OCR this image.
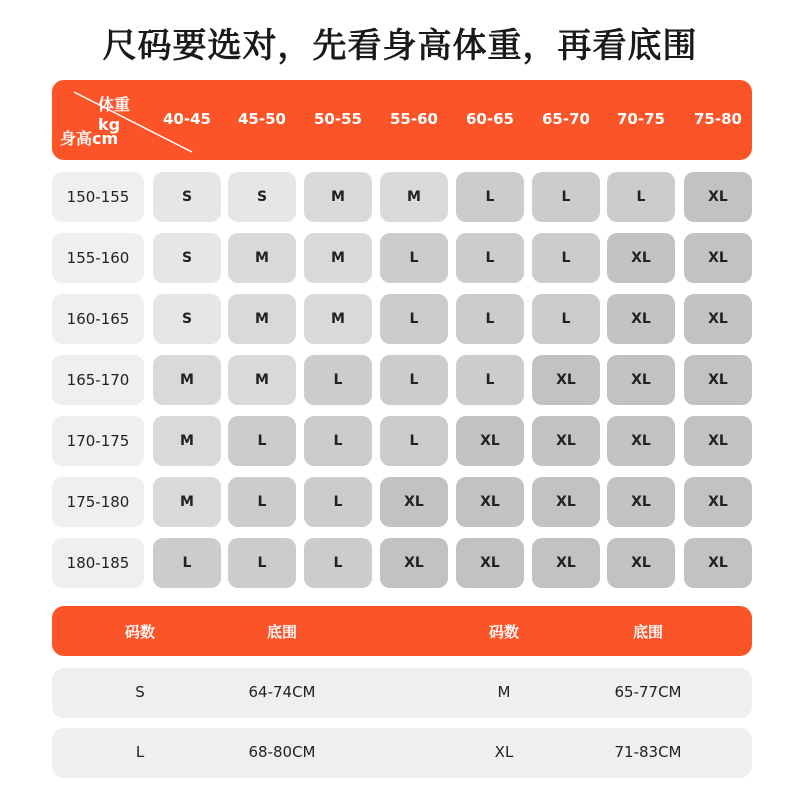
尺码要选对，先看身高体重，再看底围
体重kg
身高cm
40-45	45-50	50-55	55-60	60-65	65-70	70-75	75-80
150-155	S	S	M	M	L	L	L	XL
155-160	S	M	M	L	L	L	XL	XL
160-165	S	M	M	L	L	L	XL	XL
165-170	M	M	L	L	L	XL	XL	XL
170-175	M	L	L	L	XL	XL	XL	XL
175-180	M	L	L	XL	XL	XL	XL	XL
180-185	L	L	L	XL	XL	XL	XL	XL
码数	底围	码数	底围
S	64-74CM	M	65-77CM
L	68-80CM	XL	71-83CM
